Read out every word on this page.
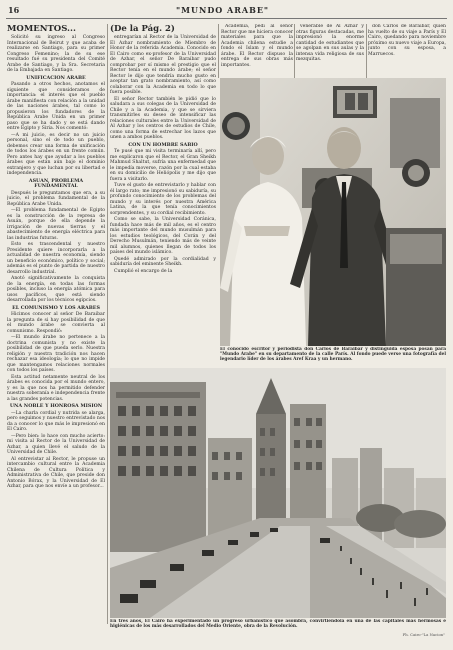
16	"MUNDO ARABE"
MOMENTOS...

Solicitó su ingreso al Congreso Internacional de Beirut y que acaba de realizarse en Santiago, para su primer Congreso Femenino; la de su ese resultado fué su presidenta del Comité Arabe de Santiago, y la Sra. Secretaria de la Embajada en Santiago.

UNIFICACION ARABE

Pasando a otros hechos, anotamos el siguiente que consideramos de importancia: el interés que el pueblo árabe manifiesta con relación a la unidad de las naciones árabes, tal como lo propusieron los fundadores de la República Arabe Unida en un primer paso que se ha dado y se está dando entre Egipto y Siria. Nos comentó:

—A mi juicio, es decir no un juicio personal, sino el de todo un pueblo, debemos crear una forma de unificación de todos los árabes en un frente común. Pero antes hay que ayudar a los pueblos árabes que están aún bajo el dominio extranjero y que luchan por su libertad e independencia.

ASUAN, PROBLEMA FUNDAMENTAL

Después le preguntamos que era, a su juicio, el problema fundamental de la República Arabe Unida.

—El problema fundamental de Egipto es la construcción de la represa de Asuán, porque de ella depende la irrigación de nuevas tierras y el abastecimiento de energía eléctrica para las industrias futuras.

Esto es trascendental y nuestro Presidente quiere incorporarla a la actualidad de nuestra economía, siendo un beneficio económico, político y social; además es el punto de partida de nuestro desarrollo industrial.

Anotó significativamente la conquista de la energía, en todas las formas posibles, incluso la energía atómica para usos pacíficos, que está siendo desarrollada por los técnicos egipcios.

EL COMUNISMO Y LOS ARABES

Hicimos conocer al señor De Baraibar la pregunta de si hay posibilidad de que el mundo árabe se convierta al comunismo. Respondió:

—El mundo árabe no pertenece a la doctrina comunista y no existe la posibilidad de que pueda serlo. Nuestra religión y nuestra tradición nos hacen rechazar esa ideología; lo que no impide que mantengamos relaciones normales con todos los países.

Esta actitud netamente neutral de los árabes es conocida por el mundo entero, y es la que nos ha permitido defender nuestra soberanía e independencia frente a las grandes potencias.

UNA NOBLE Y HONROSA MISION

—La charla cordial y nutrida se alarga, pero seguimos y nuestro entrevistado nos da a conocer lo que más le impresionó en El Cairo.

—Pero bien: lo hace con mucho acierto: mi visita al Rector de la Universidad de Azhar, a quien llevé el saludo de la Universidad de Chile.

Al entrevistar al Rector, le propuse un intercambio cultural entre la Academia Chilena de Cultura Política y Administrativa de Chile, que preside don Antonio Bórax, y la Universidad de El Azhar, para que nos envíe a un profesor...

(De la Pág. 2)

entregarían al Rector de la Universidad de El Azhar nombramiento de Miembro de Honor de la referida Academia. Conocido en El Cairo como ex-profesor de la Universidad de Azhar, el señor De Baraibar pudo comprobar por sí mismo el prestigio que el Rector tenía en el mundo árabe; el señor Rector le dijo que tendría mucho gusto en aceptar tan grato nombramiento, así como colaborar con la Academia en todo lo que fuera posible.

El señor Rector también le pidió que lo saludara a sus colegas de la Universidad de Chile y a la Academia, y que se sirviera transmitirles su deseo de intensificar las relaciones culturales entre la Universidad de Al Azhar y los centros de estudios de Chile, como una forma de estrechar los lazos que unen a ambos pueblos.

CON UN HOMBRE SABIO

Te pusé que mi visita terminaría allí, pero me explicaron que el Rector, el Gran Sheikh Mahmud Shaltut, sufría una enfermedad que le impedía moverse, razón por la cual estaba en su domicilio de Heliópolis y me dijo que fuera a visitarlo.

Tuve el gusto de entrevistarlo y hablar con él largo rato; me impresionó su sabiduría, su profundo conocimiento de los problemas del mundo y su interés por nuestra América Latina, de la que tenía conocimientos sorprendentes, y su cordial recibimiento.

Como se sabe, la Universidad Coránica, fundada hace más de mil años, es el centro más importante del mundo musulmán para los estudios teológicos, del Corán y del Derecho Musulmán, teniendo más de veinte mil alumnos, quienes llegan de todos los países del mundo islámico.

Quedé admirado por la cordialidad y sabiduría del eminente Sheikh.

Cumplió el encargo de la

Academia, pedí al señor Rector que me hiciera conocer materiales para que la Academia chilena estudie a fondo el Islam y el mundo árabe. El Rector dispuso la entrega de sus obras más importantes.

venerable de Al Azhar y otras figuras destacadas, me impresionó la enorme cantidad de estudiantes que se agolpan en sus aulas y la intensa vida religiosa de sus mezquitas.

don Carlos de Baraibar, quien ha vuelto de su viaje a París y El Cairo, quedando para noviembre próximo su nuevo viaje a Europa, junto con su esposa, a Marruecos.

El conocido escritor y periodista don Carlos de Baraibar y distinguida esposa posan para "Mundo Arabe" en su departamento de la calle París. Al fondo puede verse una fotografía del legendario líder de los árabes Aref Kraa y un hermano.
En tres años, El Cairo ha experimentado un progreso urbanístico que asombra, convirtiéndola en una de las capitales más hermosas e higiénicas de los más desarrollados del Medio Oriente, obra de la Revolución.
Ph. Cairo-"La Nacion"
